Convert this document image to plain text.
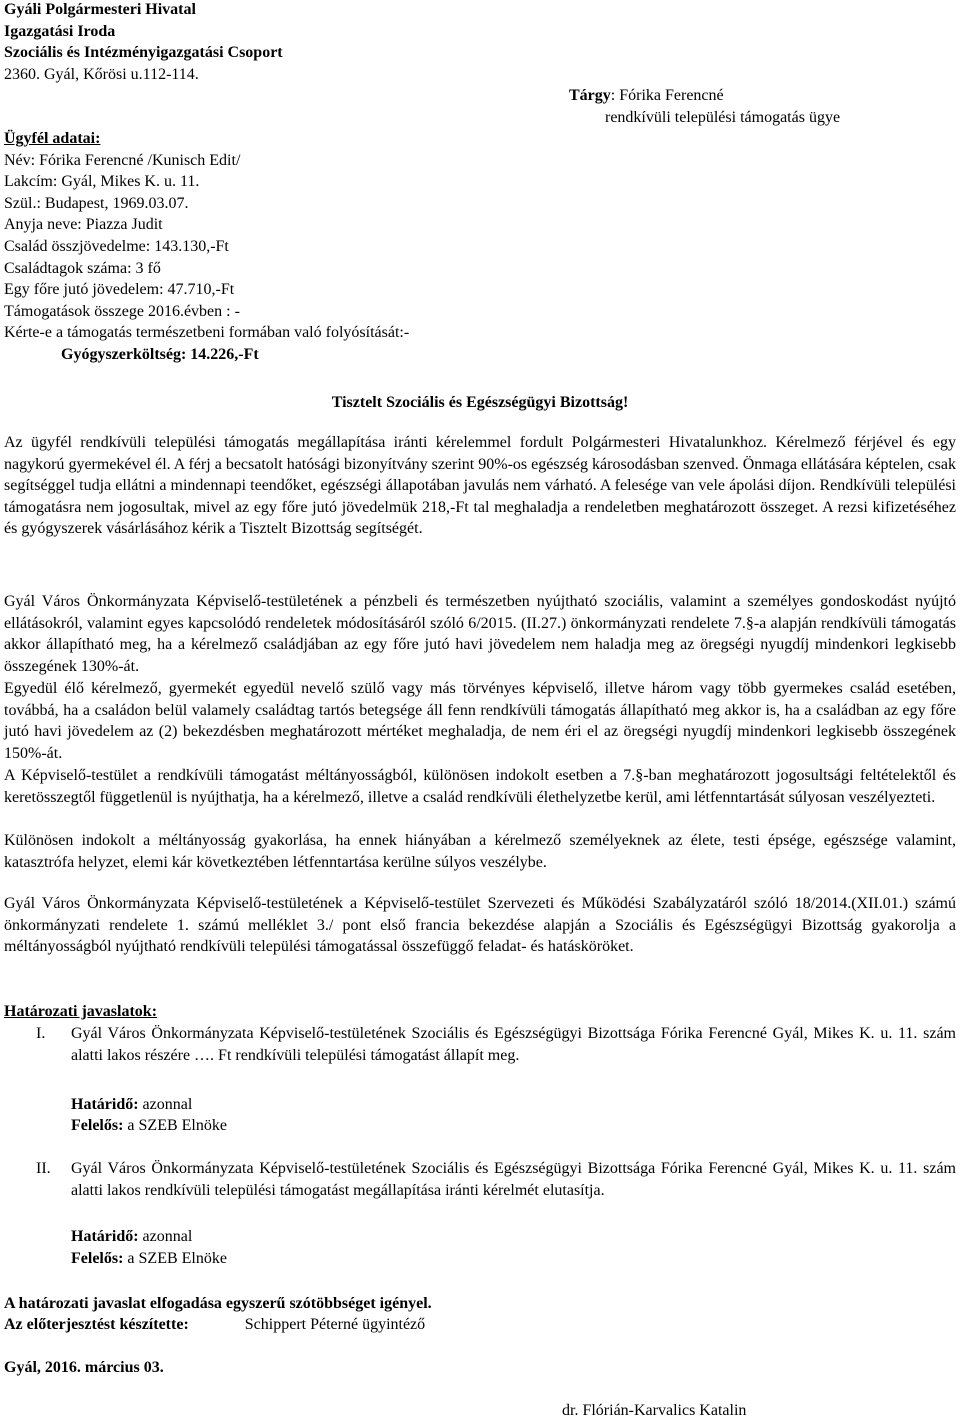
Gyáli Polgármesteri Hivatal
Igazgatási Iroda
Szociális és Intézményigazgatási Csoport
2360. Gyál, Kőrösi u.112-114.
Tárgy: Fórika Ferencné
rendkívüli települési támogatás ügye
Ügyfél adatai:
Név: Fórika Ferencné /Kunisch Edit/
Lakcím: Gyál, Mikes K. u. 11.
Szül.: Budapest, 1969.03.07.
Anyja neve: Piazza Judit
Család összjövedelme: 143.130,-Ft
Családtagok száma: 3 fő
Egy főre jutó jövedelem: 47.710,-Ft
Támogatások összege 2016.évben : -
Kérte-e a támogatás természetbeni formában való folyósítását:-
Gyógyszerköltség: 14.226,-Ft
Tisztelt Szociális és Egészségügyi Bizottság!
Az ügyfél rendkívüli települési támogatás megállapítása iránti kérelemmel fordult Polgármesteri Hivatalunkhoz. Kérelmező férjével és egy nagykorú gyermekével él. A férj a becsatolt hatósági bizonyítvány szerint 90%-os egészség károsodásban szenved. Önmaga ellátására képtelen, csak segítséggel tudja ellátni a mindennapi teendőket, egészségi állapotában javulás nem várható. A felesége van vele ápolási díjon. Rendkívüli települési támogatásra nem jogosultak, mivel az egy főre jutó jövedelmük 218,-Ft tal meghaladja a rendeletben meghatározott összeget. A rezsi kifizetéséhez és gyógyszerek vásárlásához kérik a Tisztelt Bizottság segítségét.
Gyál Város Önkormányzata Képviselő-testületének a pénzbeli és természetben nyújtható szociális, valamint a személyes gondoskodást nyújtó ellátásokról, valamint egyes kapcsolódó rendeletek módosításáról szóló 6/2015. (II.27.) önkormányzati rendelete 7.§-a alapján rendkívüli támogatás akkor állapítható meg, ha a kérelmező családjában az egy főre jutó havi jövedelem nem haladja meg az öregségi nyugdíj mindenkori legkisebb összegének 130%-át.
Egyedül élő kérelmező, gyermekét egyedül nevelő szülő vagy más törvényes képviselő, illetve három vagy több gyermekes család esetében, továbbá, ha a családon belül valamely családtag tartós betegsége áll fenn rendkívüli támogatás állapítható meg akkor is, ha a családban az egy főre jutó havi jövedelem az (2) bekezdésben meghatározott mértéket meghaladja, de nem éri el az öregségi nyugdíj mindenkori legkisebb összegének 150%-át.
A Képviselő-testület a rendkívüli támogatást méltányosságból, különösen indokolt esetben a 7.§-ban meghatározott jogosultsági feltételektől és keretösszegtől függetlenül is nyújthatja, ha a kérelmező, illetve a család rendkívüli élethelyzetbe kerül, ami létfenntartását súlyosan veszélyezteti.
Különösen indokolt a méltányosság gyakorlása, ha ennek hiányában a kérelmező személyeknek az élete, testi épsége, egészsége valamint, katasztrófa helyzet, elemi kár következtében létfenntartása kerülne súlyos veszélybe.
Gyál Város Önkormányzata Képviselő-testületének a Képviselő-testület Szervezeti és Működési Szabályzatáról szóló 18/2014.(XII.01.) számú önkormányzati rendelete 1. számú melléklet 3./ pont első francia bekezdése alapján a Szociális és Egészségügyi Bizottság gyakorolja a méltányosságból nyújtható rendkívüli települési támogatással összefüggő feladat- és hatásköröket.
Határozati javaslatok:
I. Gyál Város Önkormányzata Képviselő-testületének Szociális és Egészségügyi Bizottsága Fórika Ferencné Gyál, Mikes K. u. 11. szám alatti lakos részére …. Ft rendkívüli települési támogatást állapít meg.
Határidő: azonnal
Felelős: a SZEB Elnöke
II. Gyál Város Önkormányzata Képviselő-testületének Szociális és Egészségügyi Bizottsága Fórika Ferencné Gyál, Mikes K. u. 11. szám alatti lakos rendkívüli települési támogatást megállapítása iránti kérelmét elutasítja.
Határidő: azonnal
Felelős: a SZEB Elnöke
A határozati javaslat elfogadása egyszerű szótöbbséget igényel.
Az előterjesztést készítette:	Schippert Péterné ügyintéző
Gyál, 2016. március 03.
dr. Flórián-Karvalics Katalin
